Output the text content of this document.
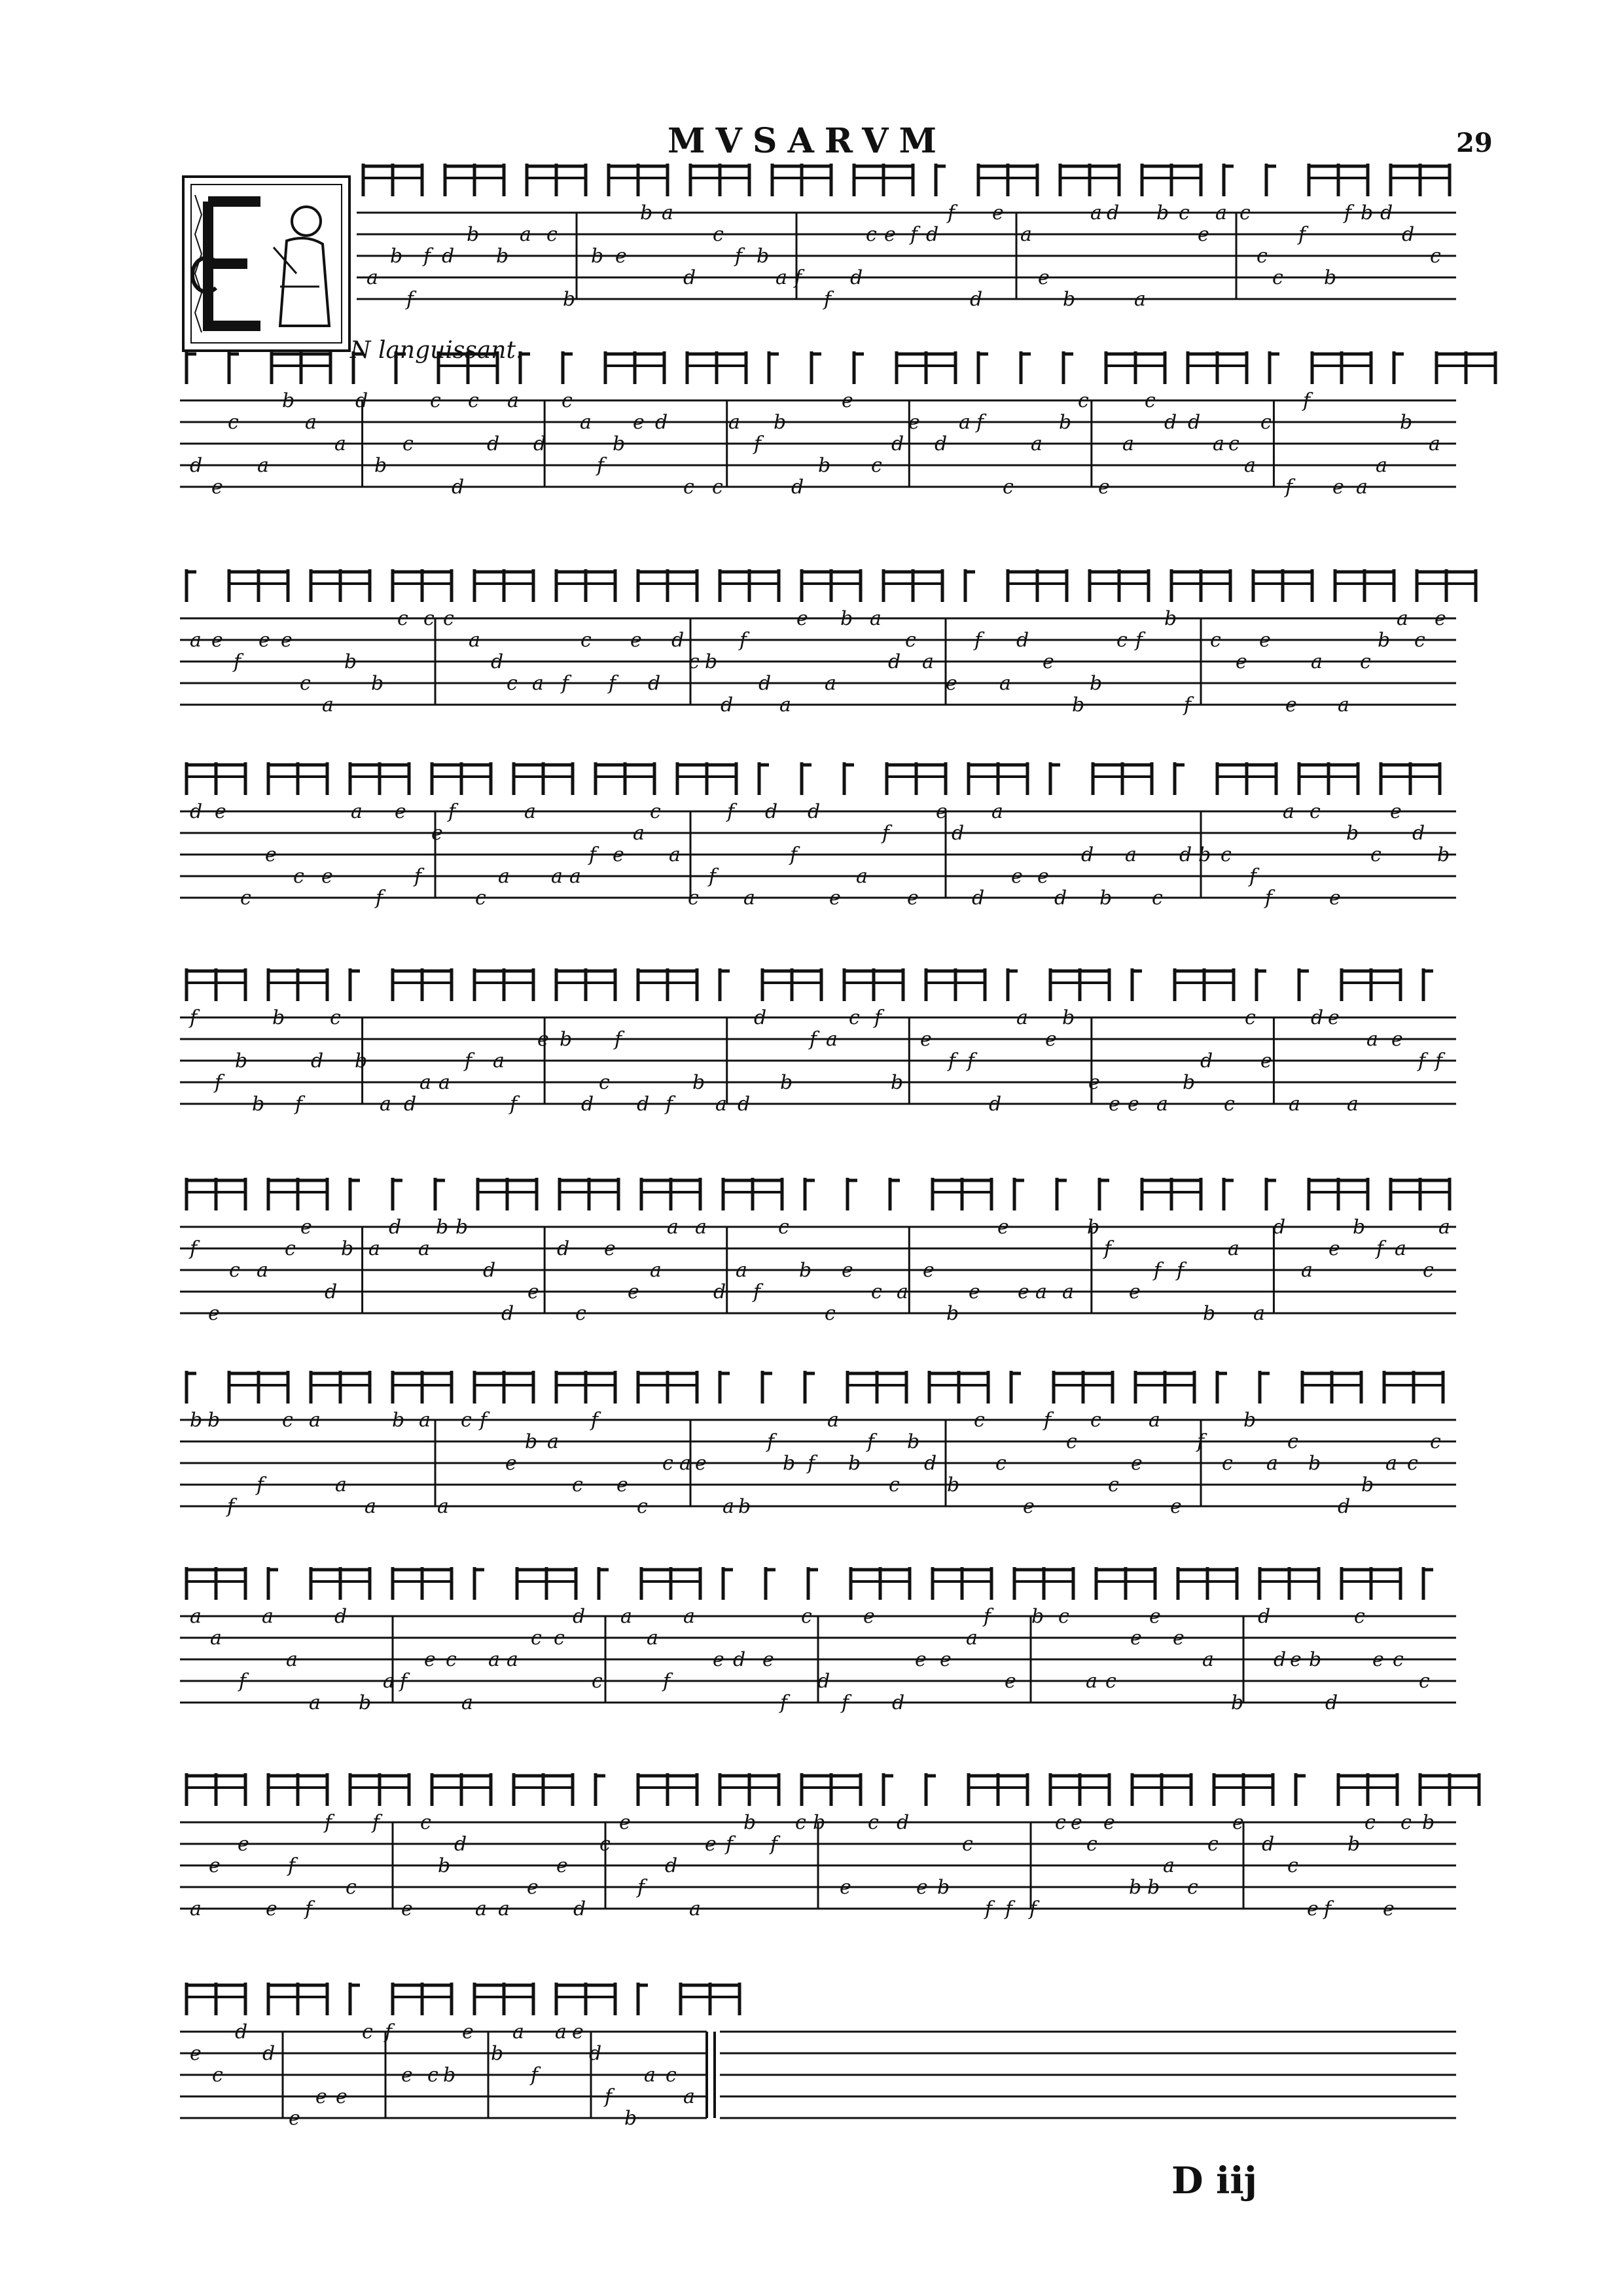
MVSARVM	29
N languissant.
a
b
f
f d
b
b
a c
b
b e
b a
d
c
f b
a f
f
d
c e f d
f
d
e
a
e
b
a d
a
b c
e
a c
c
c
f
b
f b d
d
c
d
e
c
a
b
a
a
d
b
c
c
d
c
d
a
d
c
a
f
b
e d
c c
a
f
b
d
b
e
c
d
e
d
a f
c
a
b
c
e
a
c
d d
a c
a
c
f
f
e a
a
b
a
a e
f
e e
c
a
b
b
c c c
a
d
c a f
c
f
e
d
d
c b
d
f
d
a
e
a
b a
d
c
a
e
f
a
d
e
b
b
c f
b
f
c
e
e
e
a
a
c
b
a
c
e
d e
c
e
c e
a
f
e
f
e
f
c
a
a
a a
f e
a
c
a
c
f
f
a
d
f
d
e
a
f
e
e
d
d
a
e e
d
d
b
a
c
d b c
f
f
a c
e
b
c
e
d
b
f
f
b
b
b
f
d
c
b
a d
a a
f a
f
e b
d
c
f
d f
b
a d
d
b
f a
c f
b
e
f f
d
a
e
b
e
e e a
b
d
c
c
e
a
d e
a
a e
f f
f
e
c a
c
e
d
b a
d
a
b b
d
d
e
d
c
e
e
a
a a
d
a
f
c
b
c
e
c a
e
b
e
e
e a a
b
f
e
f f
b
a
a
d
a
e
b
f a
c
a
b b
f
f
c a
a
a
b a
a
c f
e
b a
c
f
e
c
c a e
a b
f
b f
a
b
f
c
b
d
b
c
c
e
f
c
c
c
e
a
e
f
c
b
a
c
b
d
b
a c
c
a
a
f
a
a
a
d
b
a f
e c
a
a a
c c
d
c
a
a
f
a
e d e
f
c
d
f
e
d
e e
a
f
e
b c
a c
e
e
e
a
b
d
d e b
d
c
e c
c
a
e
e
e
f
f
f
c
f
e
c
b
d
a a
e
e
d
c
e
f
d
a
e f
b
f
c b
e
c d
e b
c
f f f
c e
c
e
b b
a
c
c
e
d
c
e f
b
c
e
c b
e
c
d
d
e
e e
c f
e c b
e
b
a
f
a e
d
f
b
a c
a
D iij
